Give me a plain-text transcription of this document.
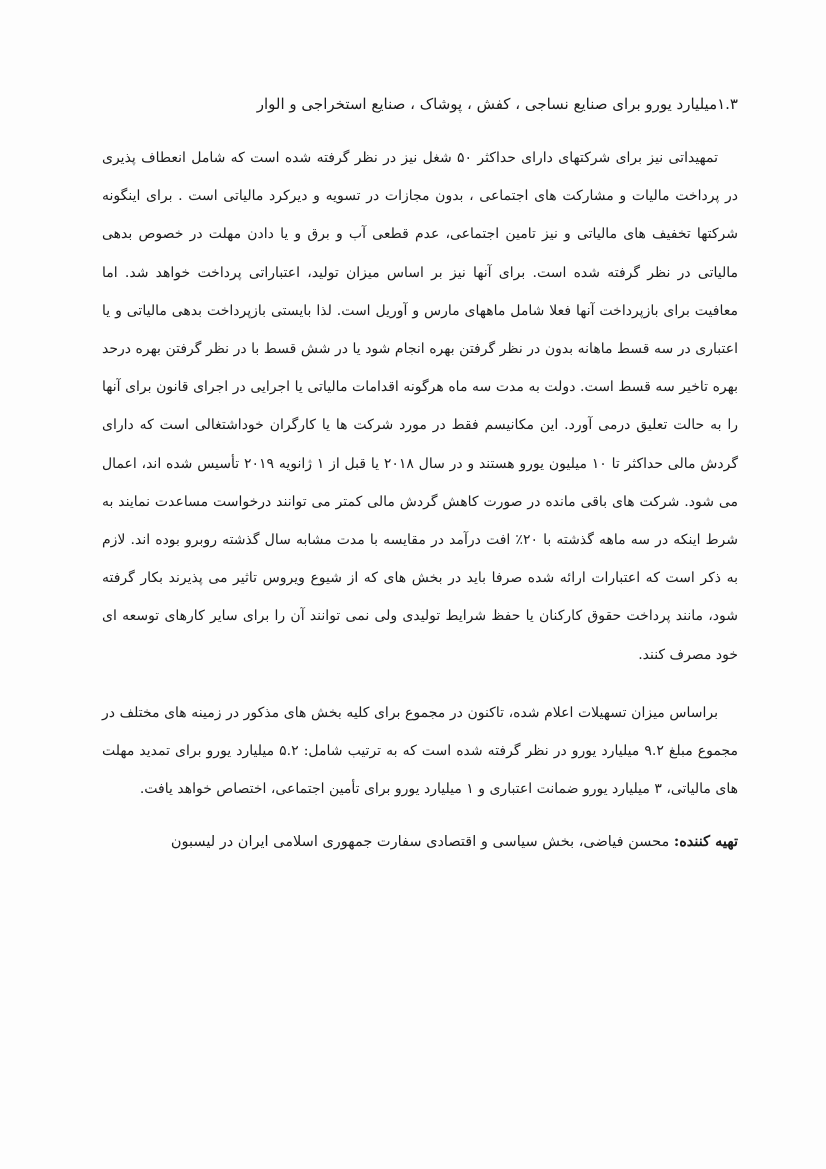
۱.۳میلیارد یورو برای صنایع نساجی ، کفش ، پوشاک ، صنایع استخراجی و الوار

تمهیداتی نیز برای شرکتهای دارای حداکثر ۵۰ شغل نیز در نظر گرفته شده است که شامل انعطاف پذیری در پرداخت مالیات و مشارکت های اجتماعی ، بدون مجازات در تسویه و دیرکرد مالیاتی است . برای اینگونه شرکتها تخفیف های مالیاتی و نیز تامین اجتماعی، عدم قطعی آب و برق و یا دادن مهلت در خصوص بدهی مالیاتی در نظر گرفته شده است. برای آنها نیز بر اساس میزان تولید، اعتباراتی پرداخت خواهد شد. اما معافیت برای بازپرداخت آنها فعلا شامل ماههای مارس و آوریل است. لذا بایستی بازپرداخت بدهی مالیاتی و یا اعتباری در سه قسط ماهانه بدون در نظر گرفتن بهره انجام شود یا در شش قسط با در نظر گرفتن بهره درحد بهره تاخیر سه قسط است. دولت به مدت سه ماه هرگونه اقدامات مالیاتی یا اجرایی در اجرای قانون برای آنها را به حالت تعلیق درمی آورد. این مکانیسم فقط در مورد شرکت ها یا کارگران خوداشتغالی است که دارای گردش مالی حداکثر تا ۱۰ میلیون یورو هستند و در سال ۲۰۱۸ یا قبل از ۱ ژانویه ۲۰۱۹ تأسیس شده اند، اعمال می شود. شرکت های باقی مانده در صورت کاهش گردش مالی کمتر می توانند درخواست مساعدت نمایند به شرط اینکه در سه ماهه گذشته با ۲۰٪ افت درآمد در مقایسه با مدت مشابه سال گذشته روبرو بوده اند. لازم به ذکر است که اعتبارات ارائه شده صرفا باید در بخش های که از شیوع ویروس تاثیر می پذیرند بکار گرفته شود، مانند پرداخت حقوق کارکنان یا حفظ شرایط تولیدی ولی نمی توانند آن را برای سایر کارهای توسعه ای خود مصرف کنند.

براساس میزان تسهیلات اعلام شده، تاکنون در مجموع برای کلیه بخش های مذکور در زمینه های مختلف در مجموع مبلغ ۹.۲ میلیارد یورو در نظر گرفته شده است که به ترتیب شامل: ۵.۲ میلیارد یورو برای تمدید مهلت های مالیاتی، ۳ میلیارد یورو ضمانت اعتباری و ۱ میلیارد یورو برای تأمین اجتماعی، اختصاص خواهد یافت.

تهیه کننده: محسن فیاضی، بخش سیاسی و اقتصادی سفارت جمهوری اسلامی ایران در لیسبون
